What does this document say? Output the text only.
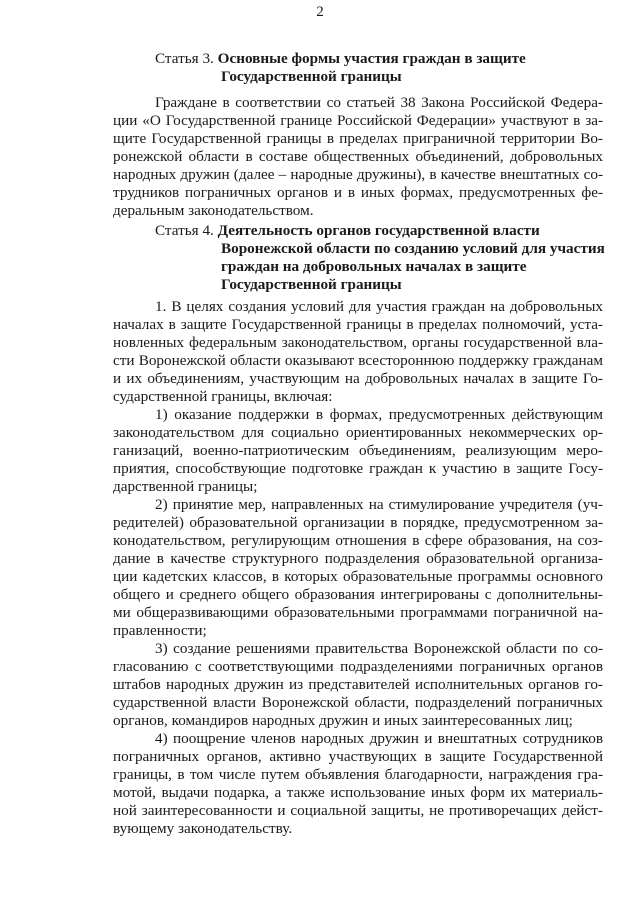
2
Статья 3. Основные формы участия граждан в защите
Государственной границы
Граждане в соответствии со статьей 38 Закона Российской Федера-
ции «О Государственной границе Российской Федерации» участвуют в за-
щите Государственной границы в пределах приграничной территории Во-
ронежской области в составе общественных объединений, добровольных
народных дружин (далее – народные дружины), в качестве внештатных со-
трудников пограничных органов и в иных формах, предусмотренных фе-
деральным законодательством.
Статья 4. Деятельность органов государственной власти
Воронежской области по созданию условий для участия
граждан на добровольных началах в защите
Государственной границы
1. В целях создания условий для участия граждан на добровольных
началах в защите Государственной границы в пределах полномочий, уста-
новленных федеральным законодательством, органы государственной вла-
сти Воронежской области оказывают всестороннюю поддержку гражданам
и их объединениям, участвующим на добровольных началах в защите Го-
сударственной границы, включая:
1) оказание поддержки в формах, предусмотренных действующим
законодательством для социально ориентированных некоммерческих ор-
ганизаций, военно-патриотическим объединениям, реализующим меро-
приятия, способствующие подготовке граждан к участию в защите Госу-
дарственной границы;
2) принятие мер, направленных на стимулирование учредителя (уч-
редителей) образовательной организации в порядке, предусмотренном за-
конодательством, регулирующим отношения в сфере образования, на соз-
дание в качестве структурного подразделения образовательной организа-
ции кадетских классов, в которых образовательные программы основного
общего и среднего общего образования интегрированы с дополнительны-
ми общеразвивающими образовательными программами пограничной на-
правленности;
3) создание решениями правительства Воронежской области по со-
гласованию с соответствующими подразделениями пограничных органов
штабов народных дружин из представителей исполнительных органов го-
сударственной власти Воронежской области, подразделений пограничных
органов, командиров народных дружин и иных заинтересованных лиц;
4) поощрение членов народных дружин и внештатных сотрудников
пограничных органов, активно участвующих в защите Государственной
границы, в том числе путем объявления благодарности, награждения гра-
мотой, выдачи подарка, а также использование иных форм их материаль-
ной заинтересованности и социальной защиты, не противоречащих дейст-
вующему законодательству.
